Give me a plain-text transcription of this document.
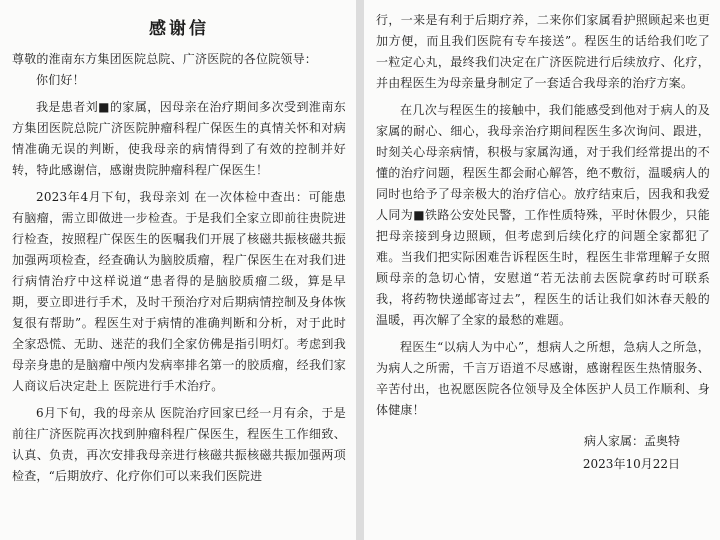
感谢信

尊敬的淮南东方集团医院总院、广济医院的各位院领导：

你们好！

我是患者刘■的家属，因母亲在治疗期间多次受到淮南东方集团医院总院广济医院肿瘤科程广保医生的真情关怀和对病情准确无误的判断，使我母亲的病情得到了有效的控制并好转，特此感谢信，感谢贵院肿瘤科程广保医生！

2023年4月下旬，我母亲刘 在一次体检中查出：可能患有脑瘤，需立即做进一步检查。于是我们全家立即前往贵院进行检查，按照程广保医生的医嘱我们开展了核磁共振核磁共振加强两项检查，经查确认为脑胶质瘤，程广保医生在对我们进行病情治疗中这样说道“患者得的是脑胶质瘤二级，算是早期，要立即进行手术，及时干预治疗对后期病情控制及身体恢复很有帮助”。程医生对于病情的准确判断和分析，对于此时全家恐慌、无助、迷茫的我们全家仿佛是指引明灯。考虑到我母亲身患的是脑瘤中颅内发病率排名第一的胶质瘤，经我们家人商议后决定赴上 医院进行手术治疗。

6月下旬，我的母亲从 医院治疗回家已经一月有余，于是前往广济医院再次找到肿瘤科程广保医生，程医生工作细致、认真、负责，再次安排我母亲进行核磁共振核磁共振加强两项检查，“后期放疗、化疗你们可以来我们医院进

行，一来是有利于后期疗养，二来你们家属看护照顾起来也更加方便，而且我们医院有专车接送”。程医生的话给我们吃了一粒定心丸，最终我们决定在广济医院进行后续放疗、化疗，并由程医生为母亲量身制定了一套适合我母亲的治疗方案。

在几次与程医生的接触中，我们能感受到他对于病人的及家属的耐心、细心，我母亲治疗期间程医生多次询问、跟进，时刻关心母亲病情，积极与家属沟通，对于我们经常提出的不懂的治疗问题，程医生都会耐心解答，绝不敷衍，温暖病人的同时也给予了母亲极大的治疗信心。放疗结束后，因我和我爱人同为■铁路公安处民警，工作性质特殊，平时休假少，只能把母亲接到身边照顾，但考虑到后续化疗的问题全家都犯了难。当我们把实际困难告诉程医生时，程医生非常理解子女照顾母亲的急切心情，安慰道“若无法前去医院拿药时可联系我，将药物快递邮寄过去”，程医生的话让我们如沐春天般的温暖，再次解了全家的最愁的难题。

程医生“以病人为中心”，想病人之所想，急病人之所急，为病人之所需，千言万语道不尽感谢，感谢程医生热情服务、辛苦付出，也祝愿医院各位领导及全体医护人员工作顺利、身体健康！

病人家属：孟奥特
2023年10月22日
